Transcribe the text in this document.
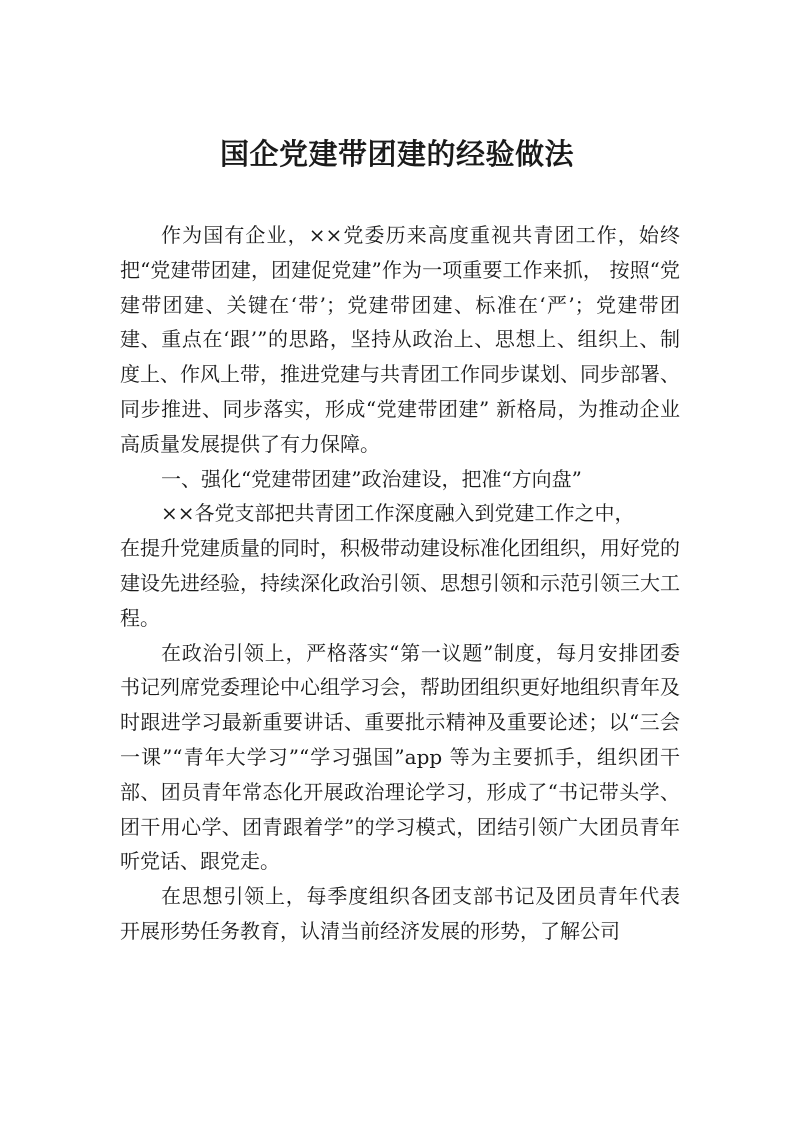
国企党建带团建的经验做法

作为国有企业，××党委历来高度重视共青团工作，始终把“党建带团建，团建促党建”作为一项重要工作来抓， 按照“党建带团建、关键在‘带’；党建带团建、标准在‘严’；党建带团建、重点在‘跟’”的思路，坚持从政治上、思想上、组织上、制度上、作风上带，推进党建与共青团工作同步谋划、同步部署、同步推进、同步落实，形成“党建带团建” 新格局，为推动企业高质量发展提供了有力保障。

一、强化“党建带团建”政治建设，把准“方向盘”

××各党支部把共青团工作深度融入到党建工作之中，

在提升党建质量的同时，积极带动建设标准化团组织，用好党的建设先进经验，持续深化政治引领、思想引领和示范引领三大工程。

在政治引领上，严格落实“第一议题”制度，每月安排团委书记列席党委理论中心组学习会，帮助团组织更好地组织青年及时跟进学习最新重要讲话、重要批示精神及重要论述；以“三会一课”“青年大学习”“学习强国”app 等为主要抓手，组织团干部、团员青年常态化开展政治理论学习，形成了“书记带头学、团干用心学、团青跟着学”的学习模式，团结引领广大团员青年听党话、跟党走。

在思想引领上，每季度组织各团支部书记及团员青年代表开展形势任务教育，认清当前经济发展的形势，了解公司
